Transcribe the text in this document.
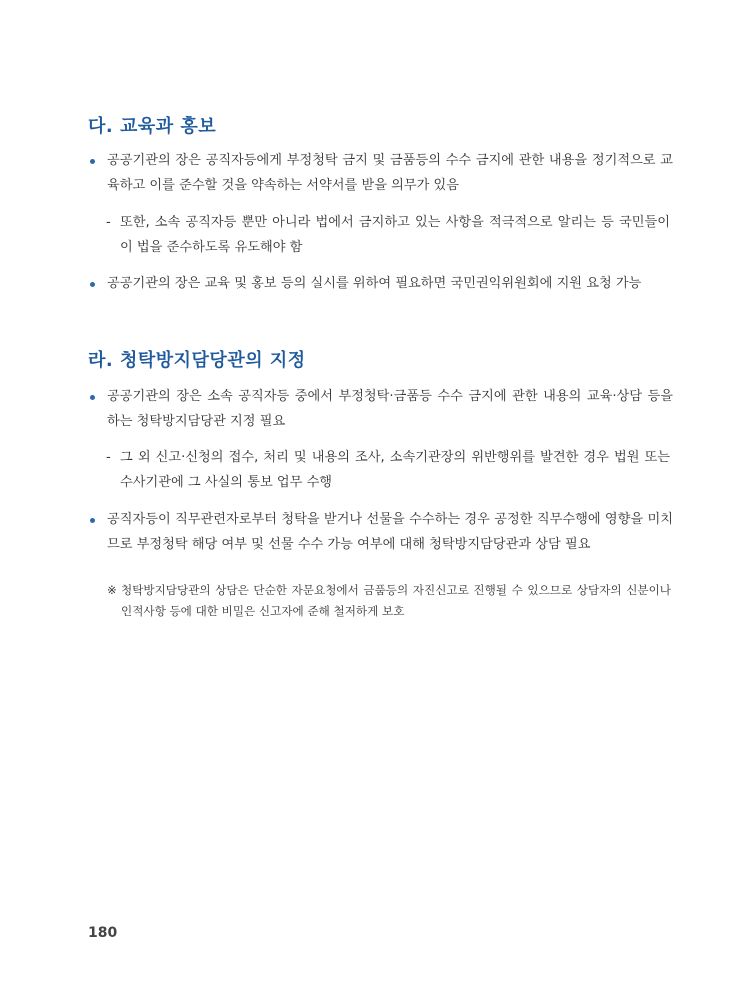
다. 교육과 홍보
공공기관의 장은 공직자등에게 부정청탁 금지 및 금품등의 수수 금지에 관한 내용을 정기적으로 교육하고 이를 준수할 것을 약속하는 서약서를 받을 의무가 있음
- 또한, 소속 공직자등 뿐만 아니라 법에서 금지하고 있는 사항을 적극적으로 알리는 등 국민들이 이 법을 준수하도록 유도해야 함
공공기관의 장은 교육 및 홍보 등의 실시를 위하여 필요하면 국민권익위원회에 지원 요청 가능
라. 청탁방지담당관의 지정
공공기관의 장은 소속 공직자등 중에서 부정청탁·금품등 수수 금지에 관한 내용의 교육·상담 등을 하는 청탁방지담당관 지정 필요
- 그 외 신고·신청의 접수, 처리 및 내용의 조사, 소속기관장의 위반행위를 발견한 경우 법원 또는 수사기관에 그 사실의 통보 업무 수행
공직자등이 직무관련자로부터 청탁을 받거나 선물을 수수하는 경우 공정한 직무수행에 영향을 미치므로 부정청탁 해당 여부 및 선물 수수 가능 여부에 대해 청탁방지담당관과 상담 필요
※ 청탁방지담당관의 상담은 단순한 자문요청에서 금품등의 자진신고로 진행될 수 있으므로 상담자의 신분이나 인적사항 등에 대한 비밀은 신고자에 준해 철저하게 보호
180
